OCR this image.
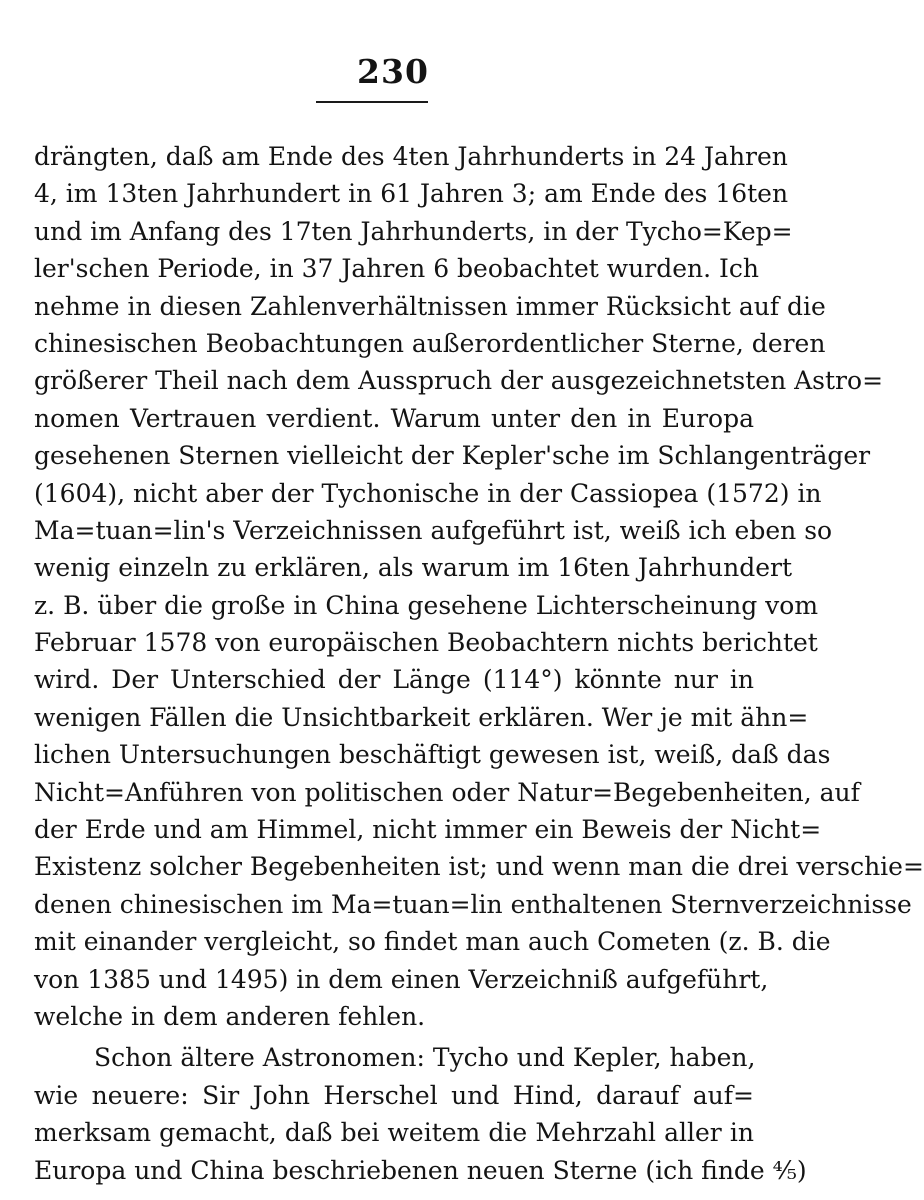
230
drängten, daß am Ende des 4ten Jahrhunderts in 24 Jahren
4, im 13ten Jahrhundert in 61 Jahren 3; am Ende des 16ten
und im Anfang des 17ten Jahrhunderts, in der Tycho=Kep=
ler'schen Periode, in 37 Jahren 6 beobachtet wurden. Ich
nehme in diesen Zahlenverhältnissen immer Rücksicht auf die
chinesischen Beobachtungen außerordentlicher Sterne, deren
größerer Theil nach dem Ausspruch der ausgezeichnetsten Astro=
nomen Vertrauen verdient. Warum unter den in Europa
gesehenen Sternen vielleicht der Kepler'sche im Schlangenträger
(1604), nicht aber der Tychonische in der Cassiopea (1572) in
Ma=tuan=lin's Verzeichnissen aufgeführt ist, weiß ich eben so
wenig einzeln zu erklären, als warum im 16ten Jahrhundert
z. B. über die große in China gesehene Lichterscheinung vom
Februar 1578 von europäischen Beobachtern nichts berichtet
wird. Der Unterschied der Länge (114°) könnte nur in
wenigen Fällen die Unsichtbarkeit erklären. Wer je mit ähn=
lichen Untersuchungen beschäftigt gewesen ist, weiß, daß das
Nicht=Anführen von politischen oder Natur=Begebenheiten, auf
der Erde und am Himmel, nicht immer ein Beweis der Nicht=
Existenz solcher Begebenheiten ist; und wenn man die drei verschie=
denen chinesischen im Ma=tuan=lin enthaltenen Sternverzeichnisse
mit einander vergleicht, so findet man auch Cometen (z. B. die
von 1385 und 1495) in dem einen Verzeichniß aufgeführt,
welche in dem anderen fehlen.
Schon ältere Astronomen: Tycho und Kepler, haben,
wie neuere: Sir John Herschel und Hind, darauf auf=
merksam gemacht, daß bei weitem die Mehrzahl aller in
Europa und China beschriebenen neuen Sterne (ich finde ⁴⁄₅)
